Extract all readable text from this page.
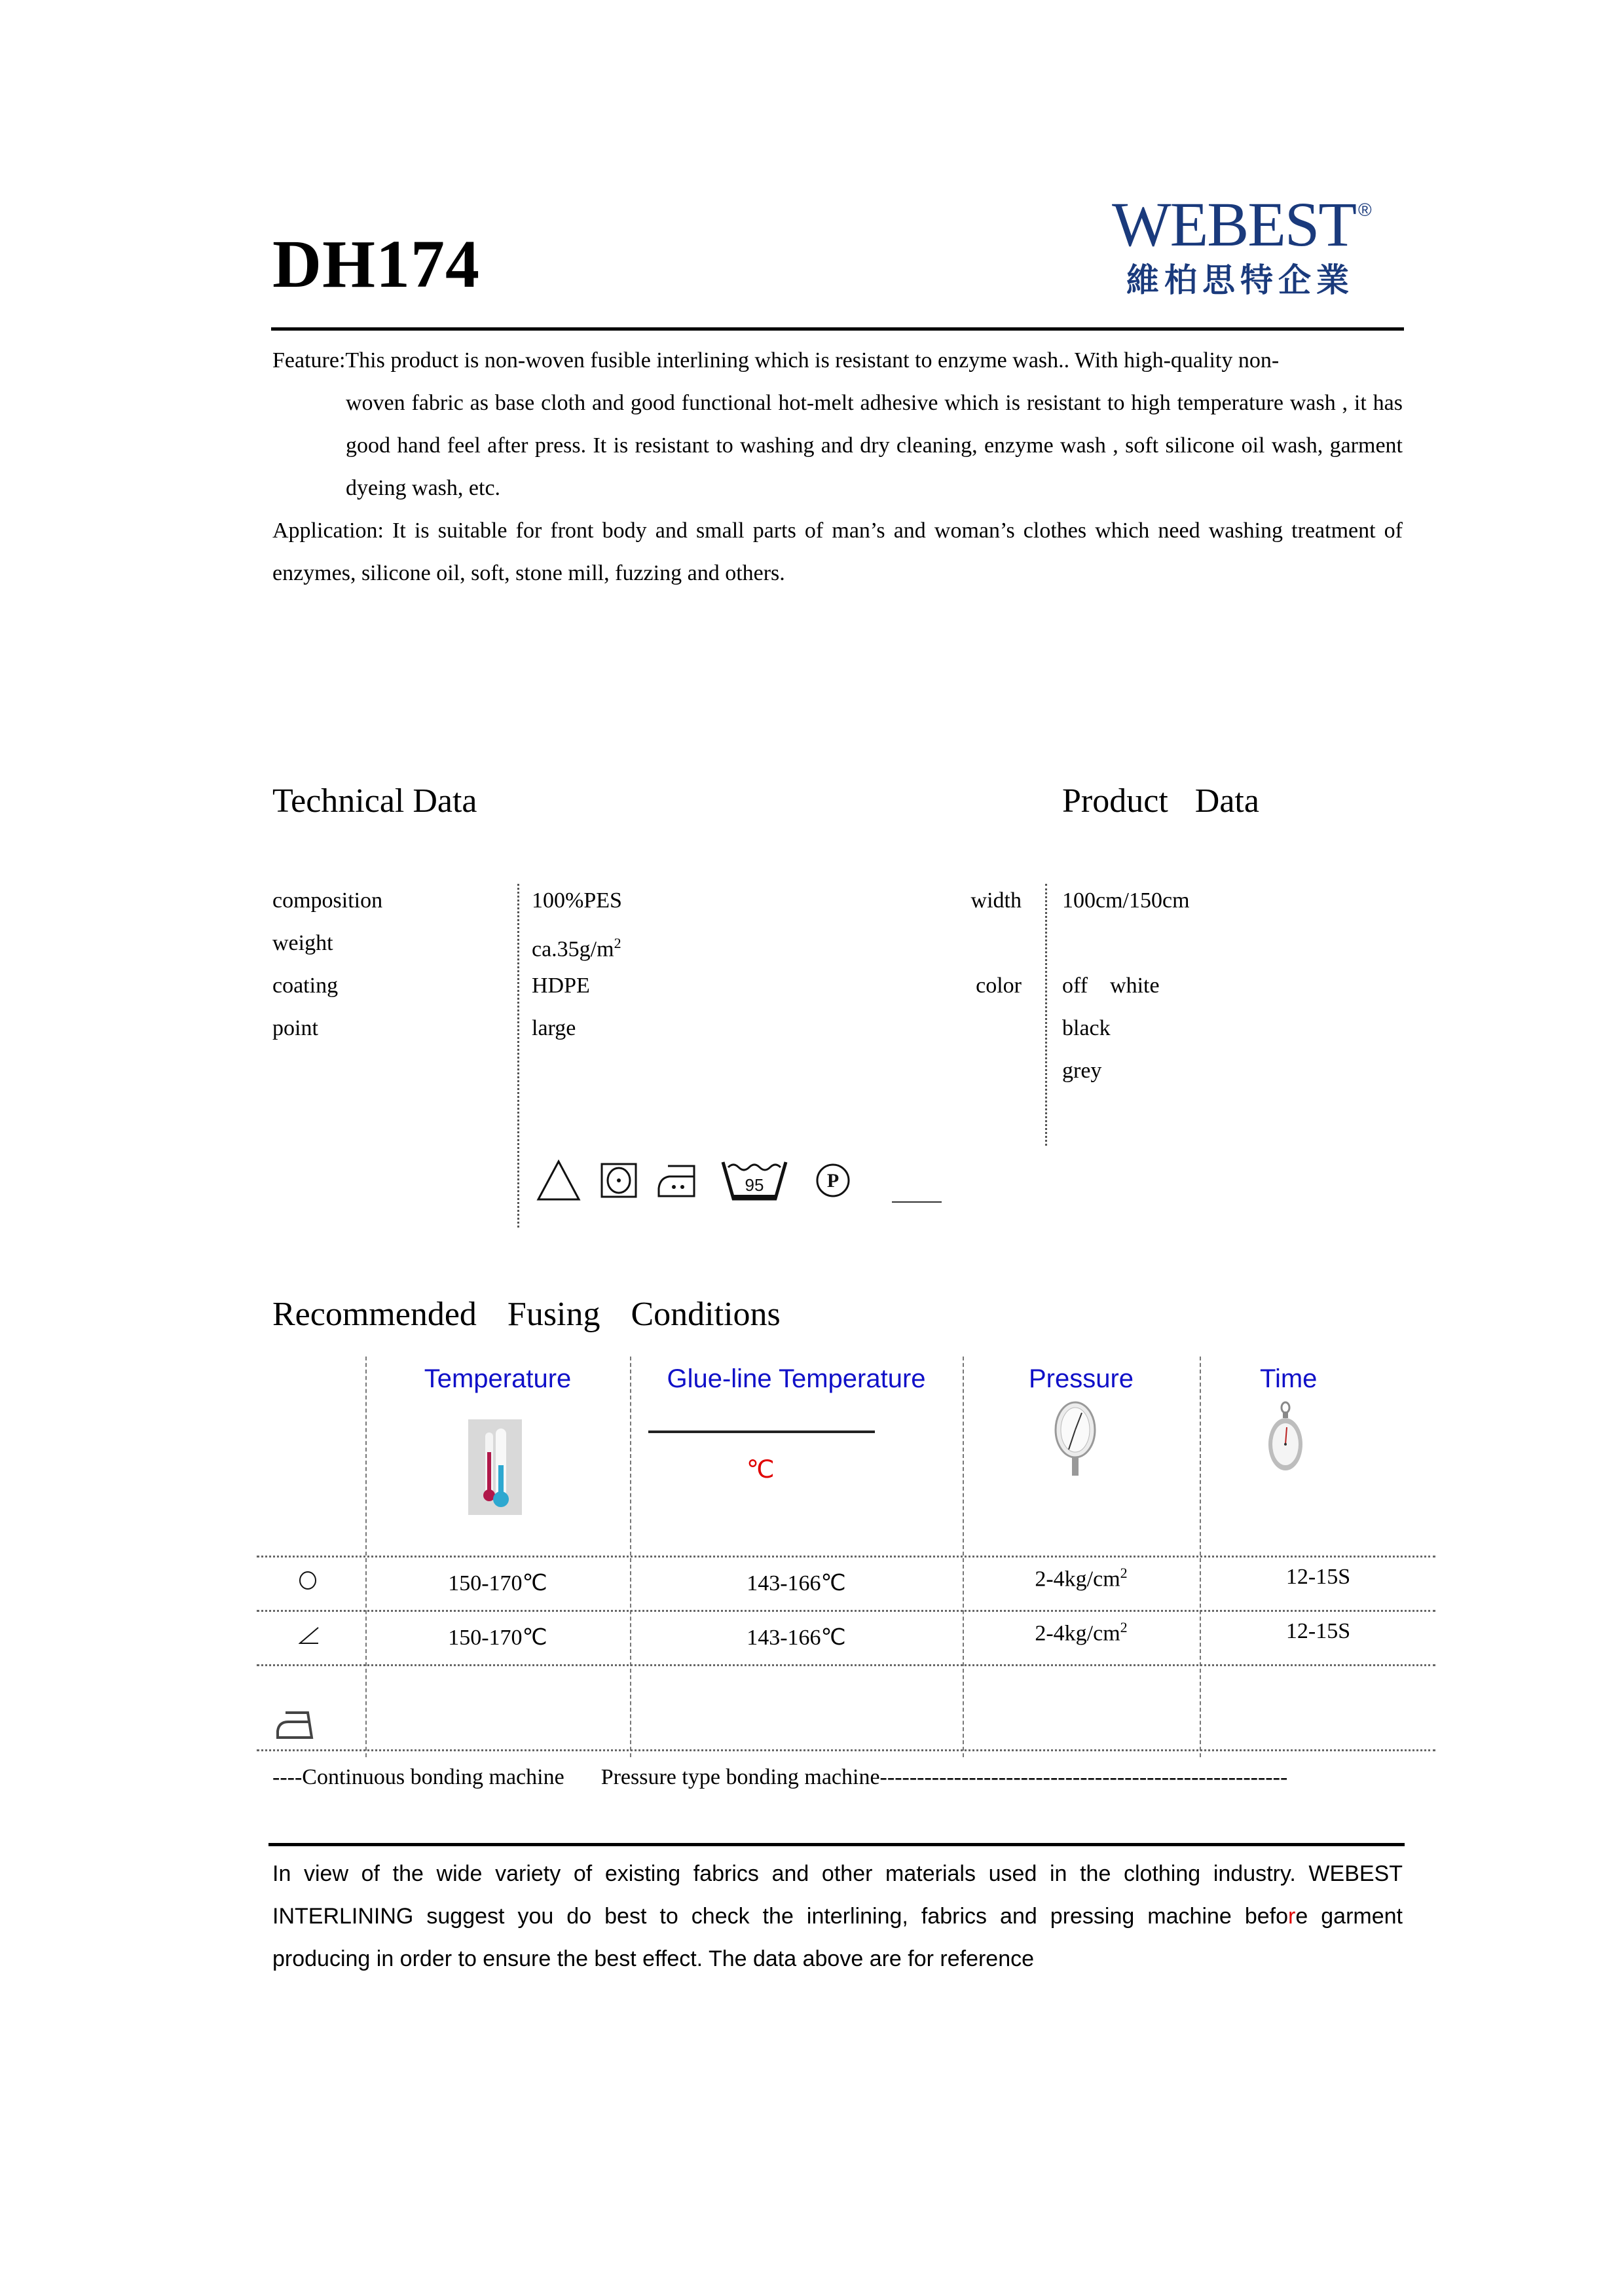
DH174
WEBEST ®
維柏思特企業
Feature:This product is non-woven fusible interlining which is resistant to enzyme wash.. With high-quality non-
woven fabric as base cloth and good functional hot-melt adhesive which is resistant to high temperature wash , it has good hand feel after press. It is resistant to washing and dry cleaning, enzyme wash , soft silicone oil wash, garment dyeing wash, etc.
Application: It is suitable for front body and small parts of man’s and woman’s clothes which need washing treatment of enzymes, silicone oil, soft, stone mill, fuzzing and others.
Technical Data	Product Data
composition	100%PES
weight	$ca.35g/m^2$
coating	HDPE
point	large
width 100cm/150cm
color off    white
black
grey
95	P
Recommended Fusing Conditions
Temperature	Glue-line Temperature	Pressure	Time
℃
150-170℃	143-166℃	$2-4kg/cm^2$	12-15S
150-170℃	143-166℃	$2-4kg/cm^2$	12-15S
----Continuous bonding machine Pressure type bonding machine-------------------------------------------------------
In view of the wide variety of existing fabrics and other materials used in the clothing industry. WEBEST INTERLINING suggest you do best to check the interlining, fabrics and pressing machine before garment producing in order to ensure the best effect. The data above are for reference
